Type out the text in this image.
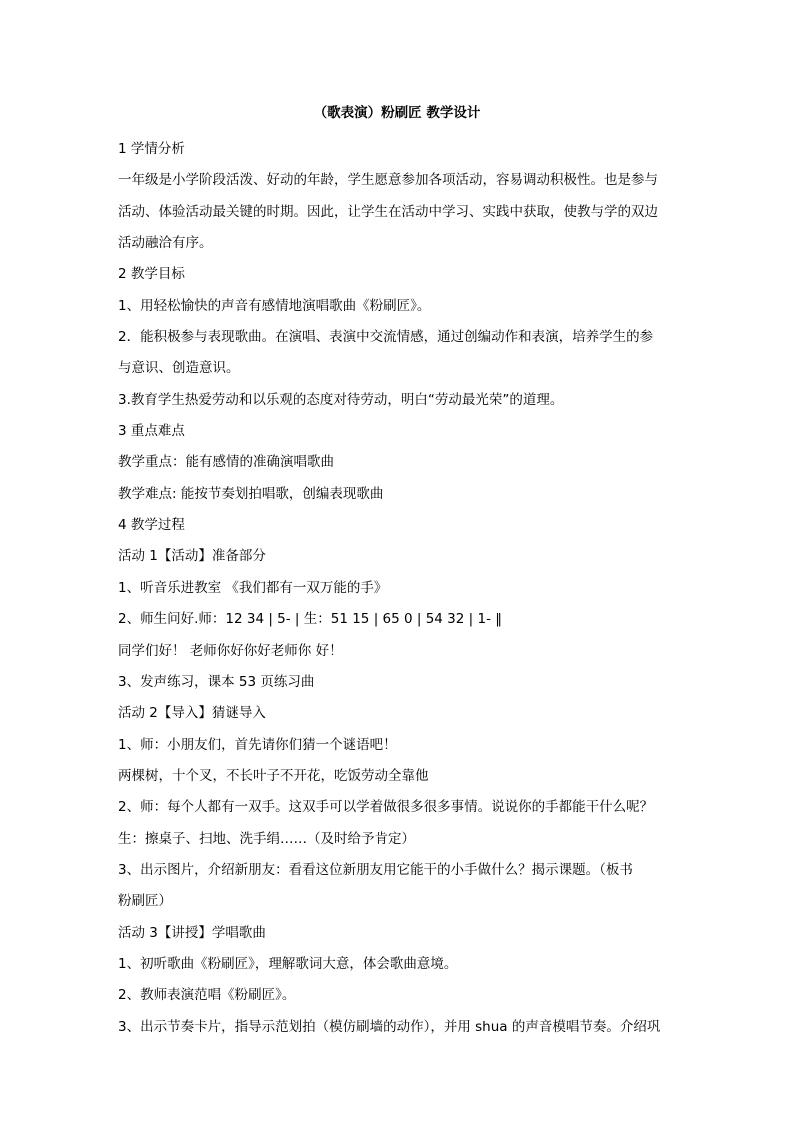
（歌表演）粉刷匠 教学设计
1 学情分析
一年级是小学阶段活泼、好动的年龄，学生愿意参加各项活动，容易调动积极性。也是参与
活动、体验活动最关键的时期。因此，让学生在活动中学习、实践中获取，使教与学的双边
活动融洽有序。
2 教学目标
1、用轻松愉快的声音有感情地演唱歌曲《粉刷匠》。
2．能积极参与表现歌曲。在演唱、表演中交流情感，通过创编动作和表演，培养学生的参
与意识、创造意识。
3.教育学生热爱劳动和以乐观的态度对待劳动，明白“劳动最光荣”的道理。
3 重点难点
教学重点：能有感情的准确演唱歌曲
教学难点: 能按节奏划拍唱歌，创编表现歌曲
4 教学过程
活动 1【活动】准备部分
1、听音乐进教室 《我们都有一双万能的手》
2、师生问好.师：12 34 | 5- | 生：51 15 | 65 0 | 54 32 | 1- ‖
同学们好！ 老师你好你好老师你 好！
3、发声练习，课本 53 页练习曲
活动 2【导入】猜谜导入
1、师：小朋友们，首先请你们猜一个谜语吧！
两棵树，十个叉，不长叶子不开花，吃饭劳动全靠他
2、师：每个人都有一双手。这双手可以学着做很多很多事情。说说你的手都能干什么呢？
生：擦桌子、扫地、洗手绢……（及时给予肯定）
3、出示图片，介绍新朋友：看看这位新朋友用它能干的小手做什么？揭示课题。（板书
粉刷匠）
活动 3【讲授】学唱歌曲
1、初听歌曲《粉刷匠》，理解歌词大意，体会歌曲意境。
2、教师表演范唱《粉刷匠》。
3、出示节奏卡片，指导示范划拍（模仿刷墙的动作），并用 shua 的声音模唱节奏。介绍巩
